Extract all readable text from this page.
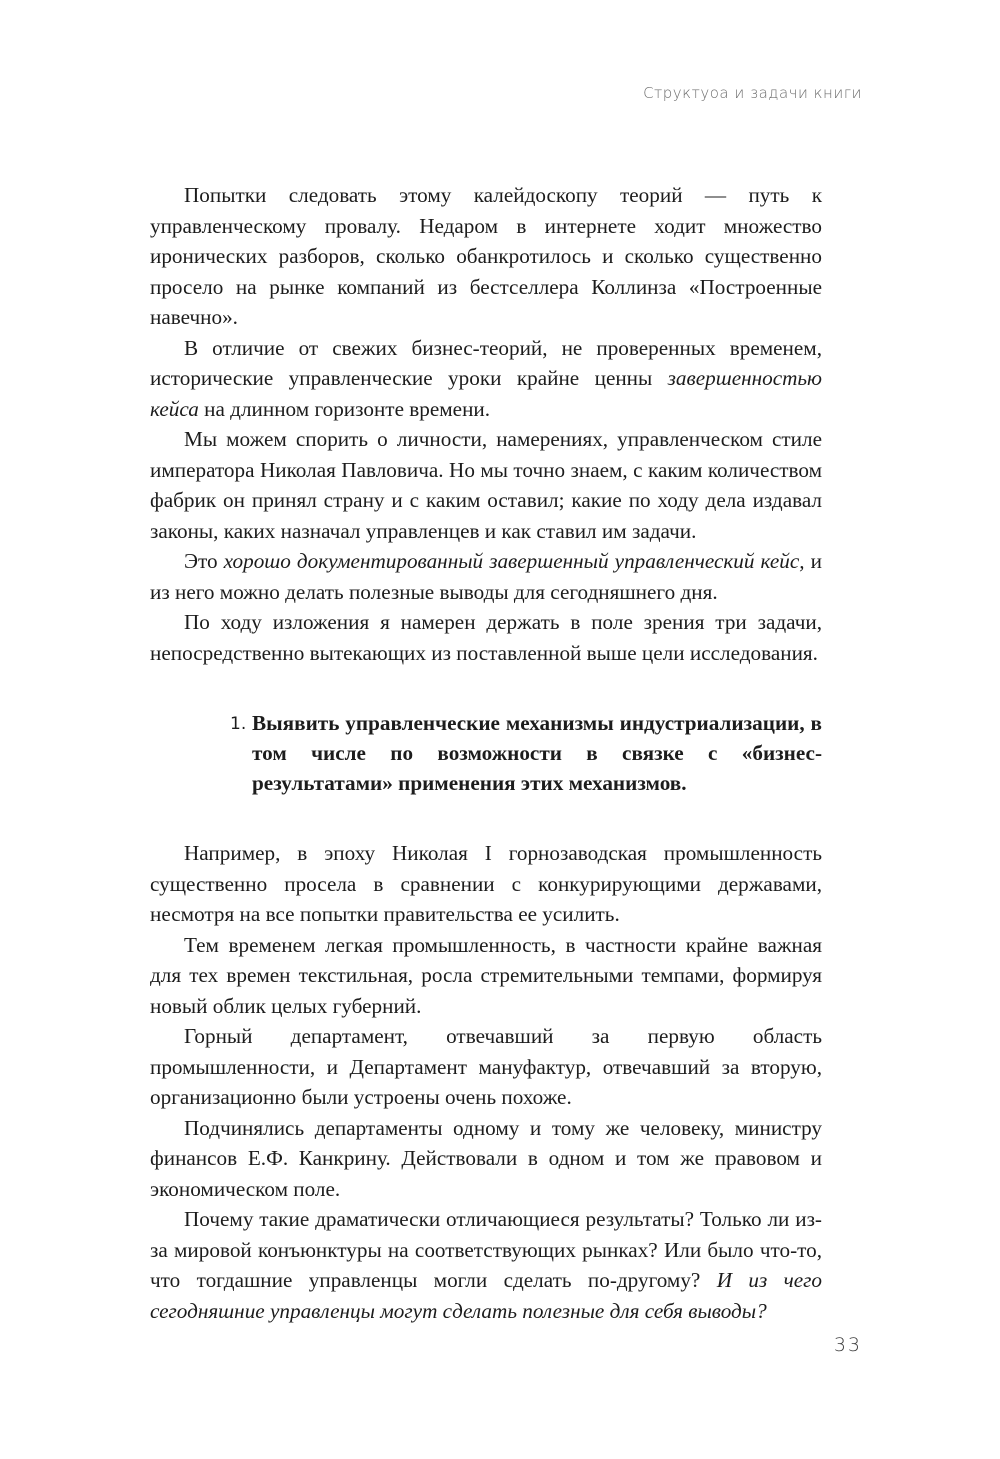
Структуоа и задачи книги

Попытки следовать этому калейдоскопу теорий — путь к управленческому провалу. Недаром в интернете ходит множество иронических разборов, сколько обанкротилось и сколько существенно просело на рынке компаний из бестселлера Коллинза «Построенные навечно».

В отличие от свежих бизнес-теорий, не проверенных временем, исторические управленческие уроки крайне ценны завершенностью кейса на длинном горизонте времени.

Мы можем спорить о личности, намерениях, управленческом стиле императора Николая Павловича. Но мы точно знаем, с каким количеством фабрик он принял страну и с каким оставил; какие по ходу дела издавал законы, каких назначал управленцев и как ставил им задачи.

Это хорошо документированный завершенный управленческий кейс, и из него можно делать полезные выводы для сегодняшнего дня.

По ходу изложения я намерен держать в поле зрения три задачи, непосредственно вытекающих из поставленной выше цели исследования.

1. Выявить управленческие механизмы индустриализации, в том числе по возможности в связке с «бизнес-результатами» применения этих механизмов.

Например, в эпоху Николая I горнозаводская промышленность существенно просела в сравнении с конкурирующими державами, несмотря на все попытки правительства ее усилить.

Тем временем легкая промышленность, в частности крайне важная для тех времен текстильная, росла стремительными темпами, формируя новый облик целых губерний.

Горный департамент, отвечавший за первую область промышленности, и Департамент мануфактур, отвечавший за вторую, организационно были устроены очень похоже.

Подчинялись департаменты одному и тому же человеку, министру финансов Е.Ф. Канкрину. Действовали в одном и том же правовом и экономическом поле.

Почему такие драматически отличающиеся результаты? Только ли из-за мировой конъюнктуры на соответствующих рынках? Или было что-то, что тогдашние управленцы могли сделать по-другому? И из чего сегодняшние управленцы могут сделать полезные для себя выводы?

33
